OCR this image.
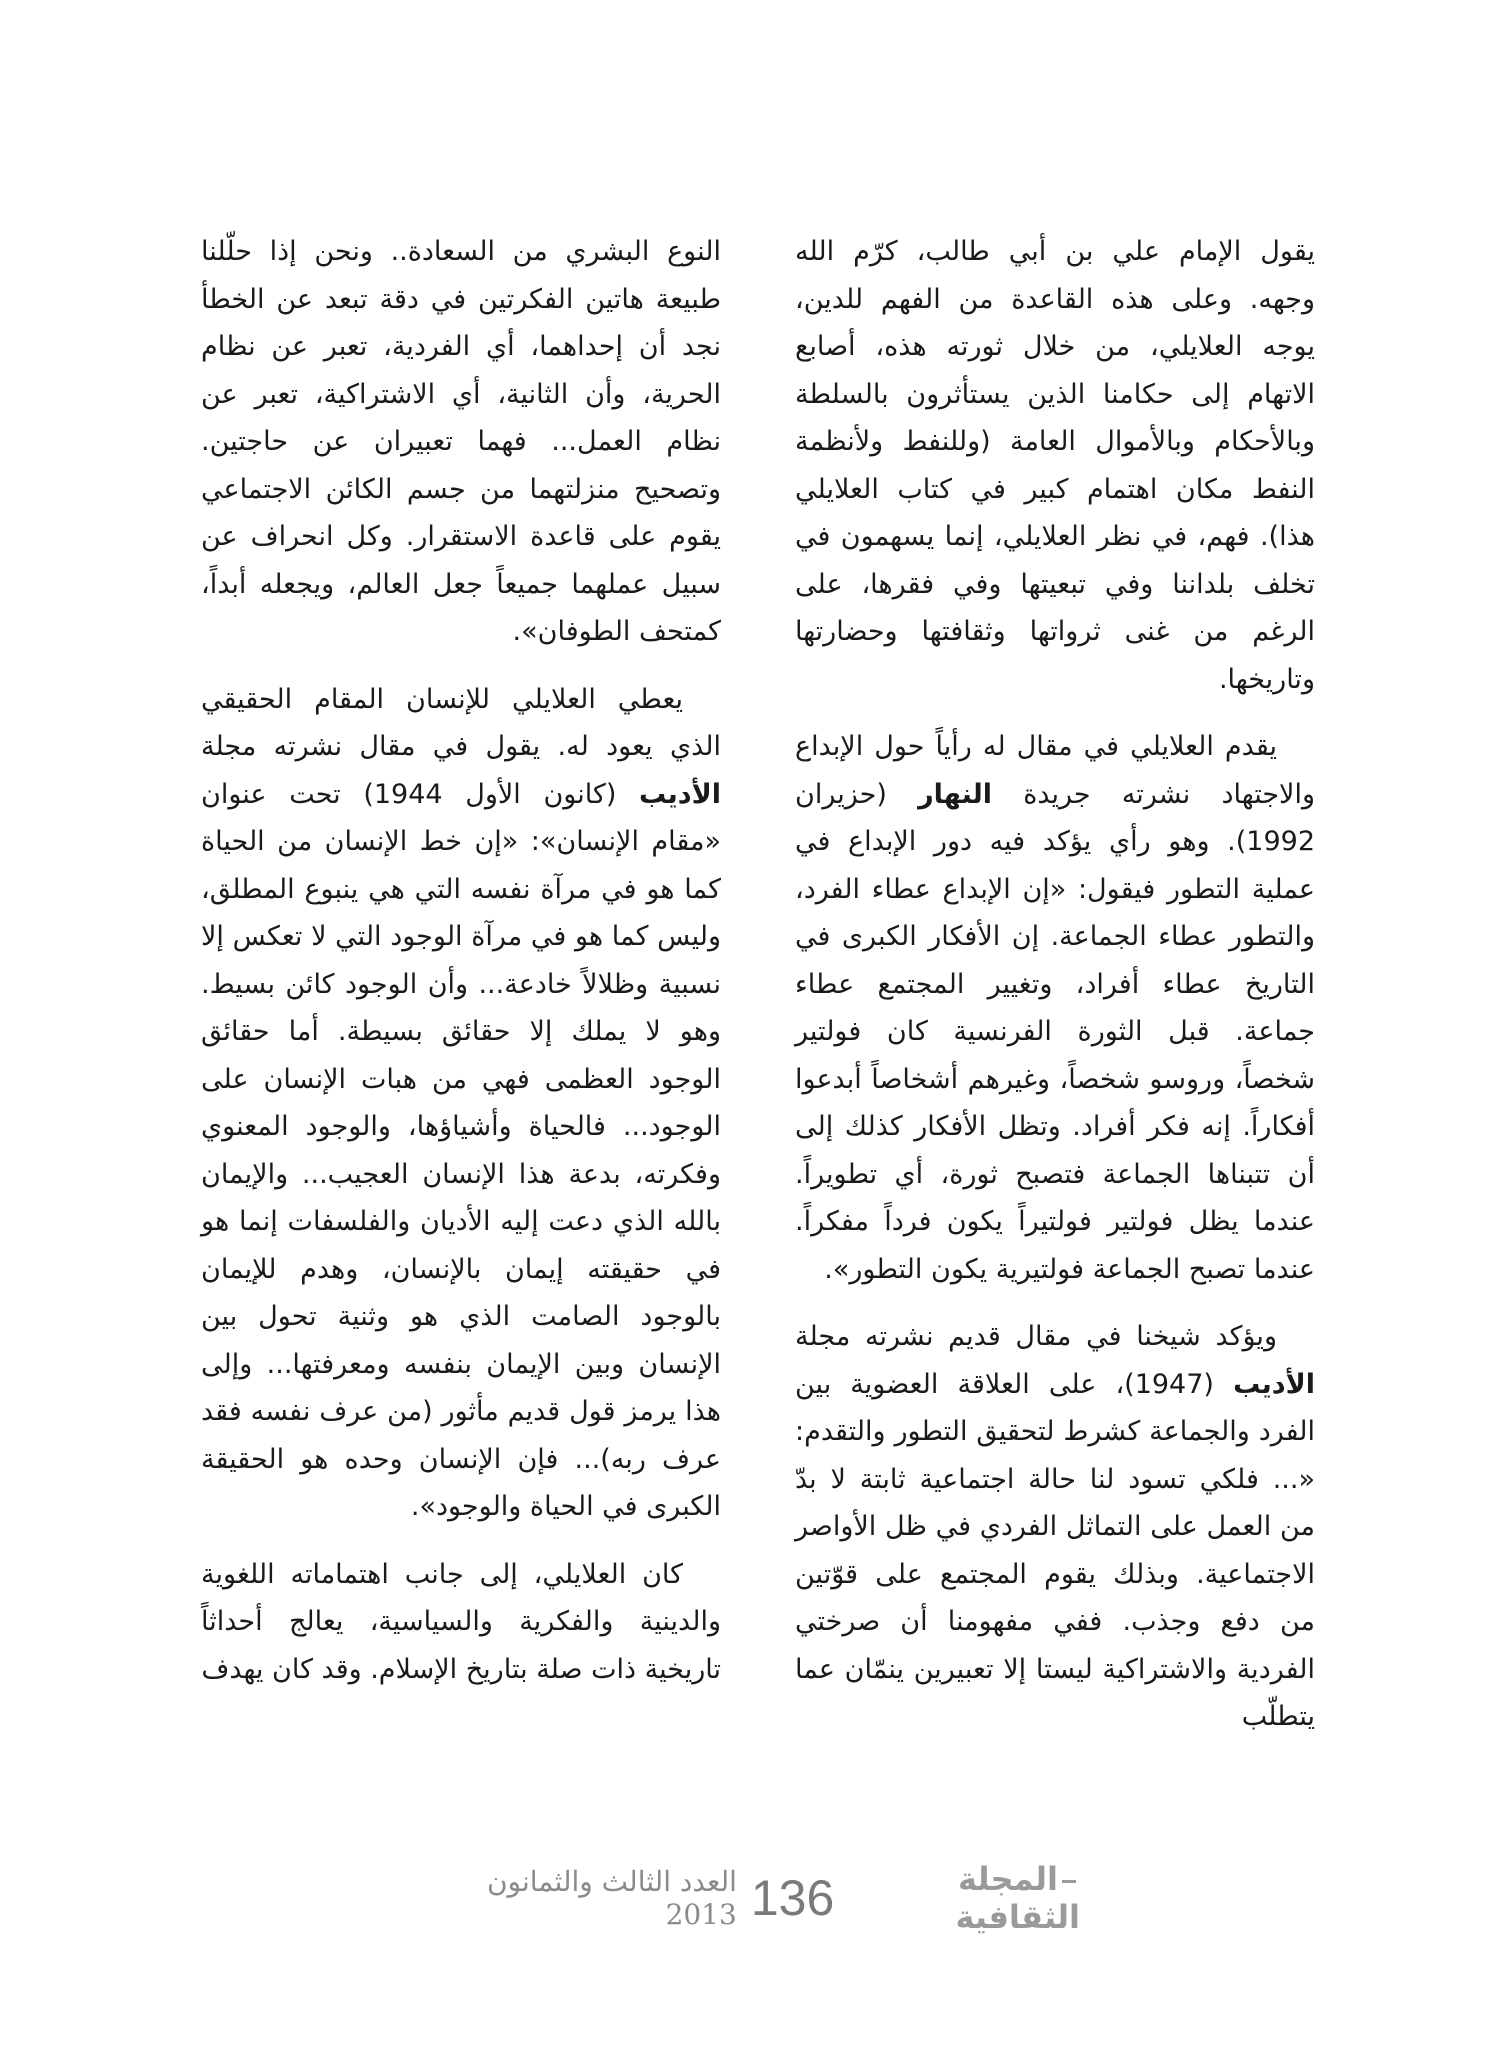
يقول الإمام علي بن أبي طالب، كرّم الله وجهه. وعلى هذه القاعدة من الفهم للدين، يوجه العلايلي، من خلال ثورته هذه، أصابع الاتهام إلى حكامنا الذين يستأثرون بالسلطة وبالأحكام وبالأموال العامة (وللنفط ولأنظمة النفط مكان اهتمام كبير في كتاب العلايلي هذا). فهم، في نظر العلايلي، إنما يسهمون في تخلف بلداننا وفي تبعيتها وفي فقرها، على الرغم من غنى ثرواتها وثقافتها وحضارتها وتاريخها.

يقدم العلايلي في مقال له رأياً حول الإبداع والاجتهاد نشرته جريدة النهار (حزيران 1992). وهو رأي يؤكد فيه دور الإبداع في عملية التطور فيقول: «إن الإبداع عطاء الفرد، والتطور عطاء الجماعة. إن الأفكار الكبرى في التاريخ عطاء أفراد، وتغيير المجتمع عطاء جماعة. قبل الثورة الفرنسية كان فولتير شخصاً، وروسو شخصاً، وغيرهم أشخاصاً أبدعوا أفكاراً. إنه فكر أفراد. وتظل الأفكار كذلك إلى أن تتبناها الجماعة فتصبح ثورة، أي تطويراً. عندما يظل فولتير فولتيراً يكون فرداً مفكراً. عندما تصبح الجماعة فولتيرية يكون التطور».

ويؤكد شيخنا في مقال قديم نشرته مجلة الأديب (1947)، على العلاقة العضوية بين الفرد والجماعة كشرط لتحقيق التطور والتقدم: «... فلكي تسود لنا حالة اجتماعية ثابتة لا بدّ من العمل على التماثل الفردي في ظل الأواصر الاجتماعية. وبذلك يقوم المجتمع على قوّتين من دفع وجذب. ففي مفهومنا أن صرختي الفردية والاشتراكية ليستا إلا تعبيرين ينمّان عما يتطلّب

النوع البشري من السعادة.. ونحن إذا حلّلنا طبيعة هاتين الفكرتين في دقة تبعد عن الخطأ نجد أن إحداهما، أي الفردية، تعبر عن نظام الحرية، وأن الثانية، أي الاشتراكية، تعبر عن نظام العمل... فهما تعبيران عن حاجتين. وتصحيح منزلتهما من جسم الكائن الاجتماعي يقوم على قاعدة الاستقرار. وكل انحراف عن سبيل عملهما جميعاً جعل العالم، ويجعله أبداً، كمتحف الطوفان».

يعطي العلايلي للإنسان المقام الحقيقي الذي يعود له. يقول في مقال نشرته مجلة الأديب (كانون الأول 1944) تحت عنوان «مقام الإنسان»: «إن خط الإنسان من الحياة كما هو في مرآة نفسه التي هي ينبوع المطلق، وليس كما هو في مرآة الوجود التي لا تعكس إلا نسبية وظلالاً خادعة... وأن الوجود كائن بسيط. وهو لا يملك إلا حقائق بسيطة. أما حقائق الوجود العظمى فهي من هبات الإنسان على الوجود... فالحياة وأشياؤها، والوجود المعنوي وفكرته، بدعة هذا الإنسان العجيب... والإيمان بالله الذي دعت إليه الأديان والفلسفات إنما هو في حقيقته إيمان بالإنسان، وهدم للإيمان بالوجود الصامت الذي هو وثنية تحول بين الإنسان وبين الإيمان بنفسه ومعرفتها... وإلى هذا يرمز قول قديم مأثور (من عرف نفسه فقد عرف ربه)... فإن الإنسان وحده هو الحقيقة الكبرى في الحياة والوجود».

كان العلايلي، إلى جانب اهتماماته اللغوية والدينية والفكرية والسياسية، يعالج أحداثاً تاريخية ذات صلة بتاريخ الإسلام. وقد كان يهدف

المجلة الثقافية
136
العدد الثالث والثمانون 2013
